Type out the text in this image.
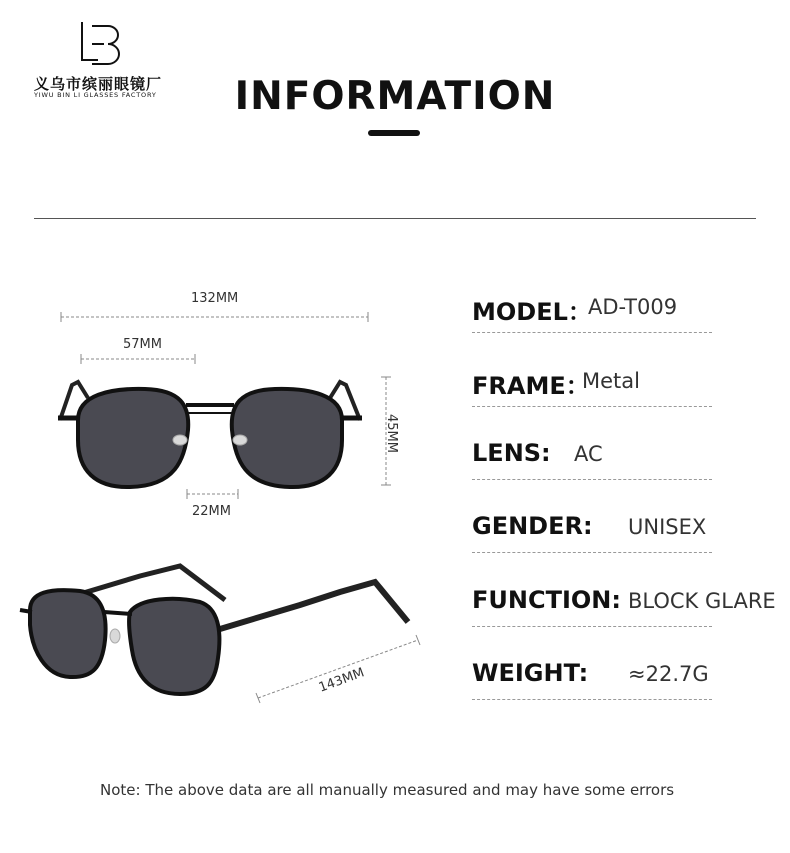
义乌市缤丽眼镜厂
YIWU BIN LI GLASSES FACTORY	INFORMATION
132MM
57MM
22MM
45MM
143MM
MODEL：
AD-T009
FRAME：
Metal
LENS: AC
GENDER: UNISEX
FUNCTION: BLOCK GLARE
WEIGHT: ≈22.7G
Note: The above data are all manually measured and may have some errors
